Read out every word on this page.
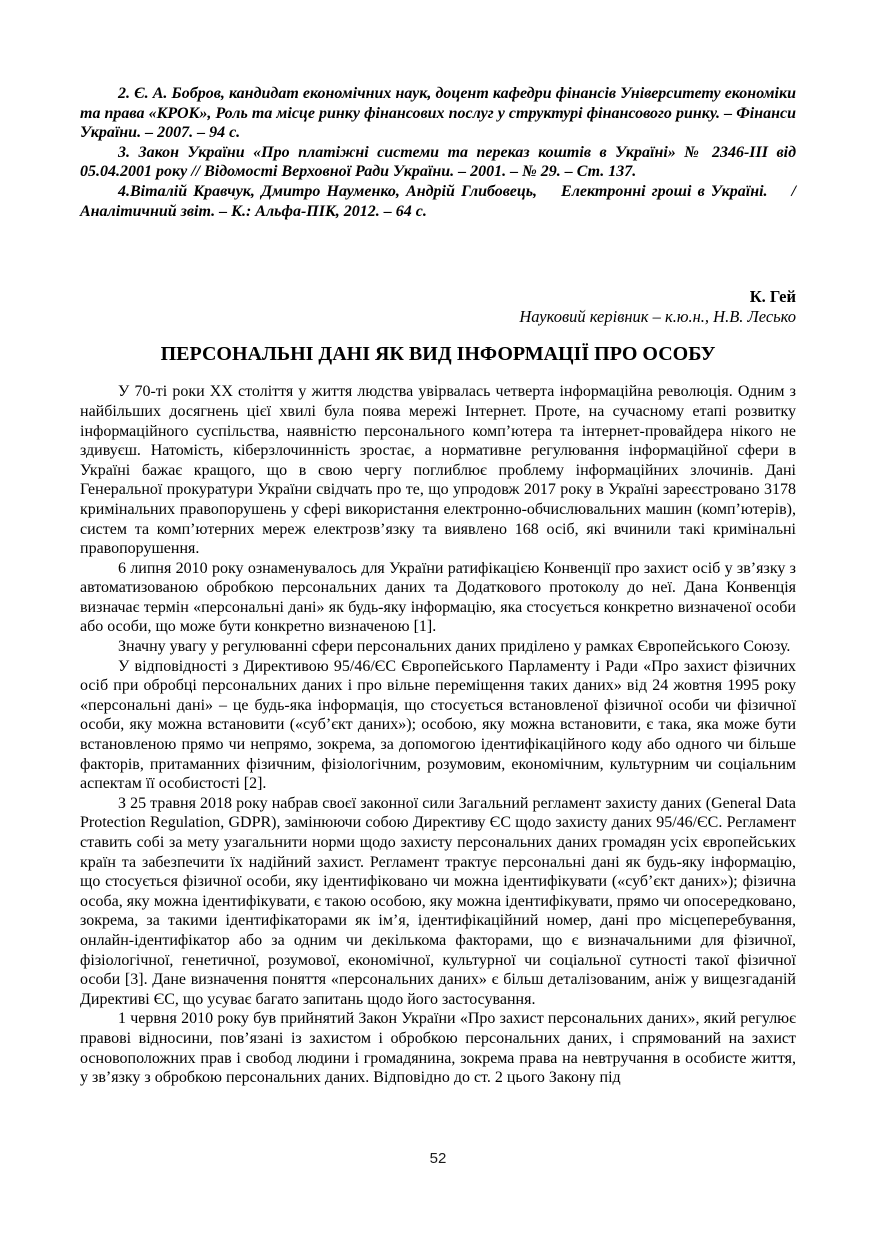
2. Є. А. Бобров, кандидат економічних наук, доцент кафедри фінансів Університету економіки та права «КРОК», Роль та місце ринку фінансових послуг у структурі фінансового ринку. – Фінанси України. – 2007. – 94 с.

3. Закон України «Про платіжні системи та переказ коштів в Україні» № 2346-ІІІ від 05.04.2001 року // Відомості Верховної Ради України. – 2001. – № 29. – Ст. 137.

4.Віталій Кравчук, Дмитро Науменко, Андрій Глибовець,  Електронні гроші в Україні.  / Аналітичний звіт. – К.: Альфа-ПІК, 2012. – 64 с.

К. Гей
Науковий керівник – к.ю.н., Н.В. Лесько
ПЕРСОНАЛЬНІ ДАНІ ЯК ВИД ІНФОРМАЦІЇ ПРО ОСОБУ

У 70-ті роки ХХ століття у життя людства увірвалась четверта інформаційна революція. Одним з найбільших досягнень цієї хвилі була поява мережі Інтернет. Проте, на сучасному етапі розвитку інформаційного суспільства, наявністю персонального комп’ютера та інтернет-провайдера нікого не здивуєш. Натомість, кіберзлочинність зростає, а нормативне регулювання інформаційної сфери в Україні бажає кращого, що в свою чергу поглиблює проблему інформаційних злочинів. Дані Генеральної прокуратури України свідчать про те, що упродовж 2017 року в Україні зареєстровано 3178 кримінальних правопорушень у сфері використання електронно-обчислювальних машин (комп’ютерів), систем та комп’ютерних мереж електрозв’язку та виявлено 168 осіб, які вчинили такі кримінальні правопорушення.

6 липня 2010 року ознаменувалось для України ратифікацією Конвенції про захист осіб у зв’язку з автоматизованою обробкою персональних даних та Додаткового протоколу до неї. Дана Конвенція визначає термін «персональні дані» як будь-яку інформацію, яка стосується конкретно визначеної особи або особи, що може бути конкретно визначеною [1].

Значну увагу у регулюванні сфери персональних даних приділено у рамках Європейського Союзу.

У відповідності з Директивою 95/46/ЄС Європейського Парламенту і Ради «Про захист фізичних осіб при обробці персональних даних і про вільне переміщення таких даних» від 24 жовтня 1995 року «персональні дані» – це будь-яка інформація, що стосується встановленої фізичної особи чи фізичної особи, яку можна встановити («суб’єкт даних»); особою, яку можна встановити, є така, яка може бути встановленою прямо чи непрямо, зокрема, за допомогою ідентифікаційного коду або одного чи більше факторів, притаманних фізичним, фізіологічним, розумовим, економічним, культурним чи соціальним аспектам її особистості [2].

З 25 травня 2018 року набрав своєї законної сили Загальний регламент захисту даних (General Data Protection Regulation, GDPR), замінюючи собою Директиву ЄС щодо захисту даних 95/46/ЄС. Регламент ставить собі за мету узагальнити норми щодо захисту персональних даних громадян усіх європейських країн та забезпечити їх надійний захист. Регламент трактує персональні дані як будь-яку інформацію, що стосується фізичної особи, яку ідентифіковано чи можна ідентифікувати («суб’єкт даних»); фізична особа, яку можна ідентифікувати, є такою особою, яку можна ідентифікувати, прямо чи опосередковано, зокрема, за такими ідентифікаторами як ім’я, ідентифікаційний номер, дані про місцеперебування, онлайн-ідентифікатор або за одним чи декількома факторами, що є визначальними для фізичної, фізіологічної, генетичної, розумової, економічної, культурної чи соціальної сутності такої фізичної особи [3]. Дане визначення поняття «персональних даних» є більш деталізованим, аніж у вищезгаданій Директиві ЄС, що усуває багато запитань щодо його застосування.

1 червня 2010 року був прийнятий Закон України «Про захист персональних даних», який регулює правові відносини, пов’язані із захистом і обробкою персональних даних, і спрямований на захист основоположних прав і свобод людини і громадянина, зокрема права на невтручання в особисте життя, у зв’язку з обробкою персональних даних. Відповідно до ст. 2 цього Закону під

52
